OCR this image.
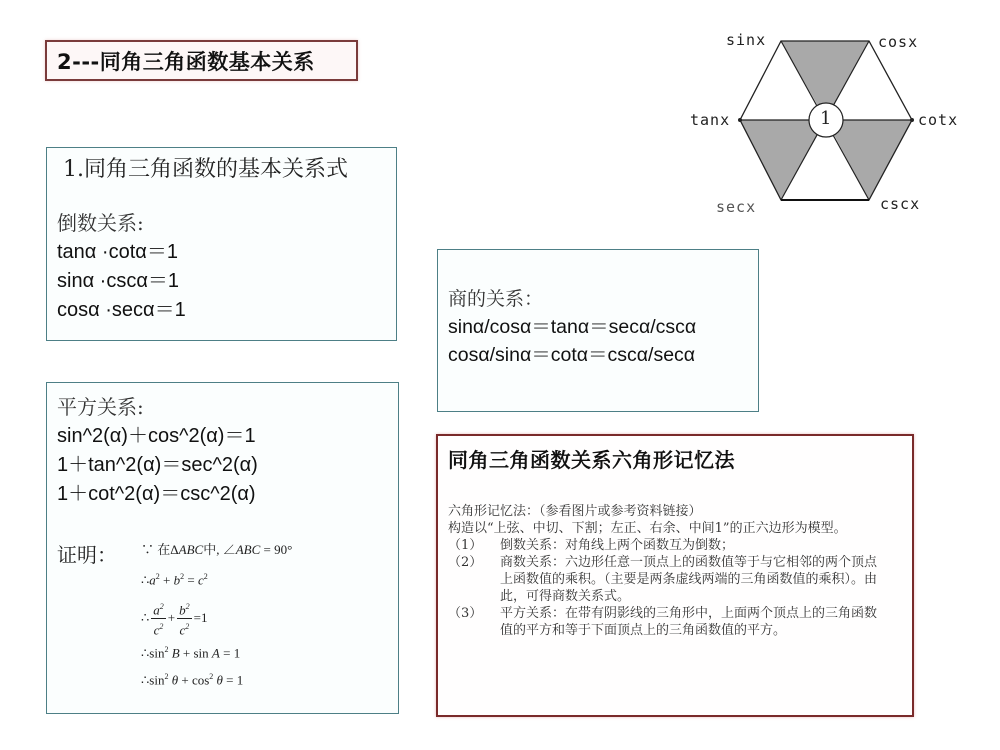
2---同角三角函数基本关系
sinx	cosx
tanx	cotx
secx	cscx
1
1.同角三角函数的基本关系式
倒数关系:
tanα ·cotα＝1
sinα ·cscα＝1
cosα ·secα＝1	商的关系：
sinα/cosα＝tanα＝secα/cscα
cosα/sinα＝cotα＝cscα/secα
平方关系:
sin^2(α)＋cos^2(α)＝1
1＋tan^2(α)＝sec^2(α)
1＋cot^2(α)＝csc^2(α)
证明： ∵ 在ΔABC中, ∠ABC = 90°
$\therefore a^2 + b^2 = c^2$
∴ $\frac{a^2}{c^2} + \frac{b^2}{c^2} = 1$
$\therefore\sin^2$ B + sin A = 1
$\therefore\sin^2$ $\theta + \cos^2 \theta = 1$
同角三角函数关系六角形记忆法
六角形记忆法：（参看图片或参考资料链接）
构造以“上弦、中切、下割；左正、右余、中间1”的正六边形为模型。
（1）	倒数关系：对角线上两个函数互为倒数；
（2）	商数关系：六边形任意一顶点上的函数值等于与它相邻的两个顶点上函数值的乘积。（主要是两条虚线两端的三角函数值的乘积）。由此，可得商数关系式。
（3）	平方关系：在带有阴影线的三角形中，上面两个顶点上的三角函数值的平方和等于下面顶点上的三角函数值的平方。
